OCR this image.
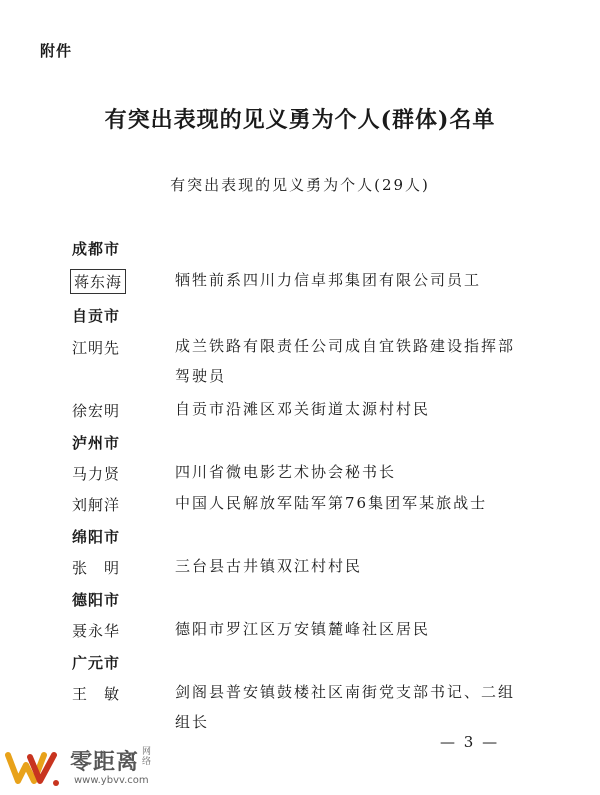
附件
有突出表现的见义勇为个人(群体)名单
有突出表现的见义勇为个人(29人)
成都市
蒋东海	牺牲前系四川力信卓邦集团有限公司员工
自贡市
江明先	成兰铁路有限责任公司成自宜铁路建设指挥部驾驶员
徐宏明	自贡市沿滩区邓关街道太源村村民
泸州市
马力贤	四川省微电影艺术协会秘书长
刘舸洋	中国人民解放军陆军第76集团军某旅战士
绵阳市
张　明	三台县古井镇双江村村民
德阳市
聂永华	德阳市罗江区万安镇麓峰社区居民
广元市
王　敏	剑阁县普安镇鼓楼社区南街党支部书记、二组组长
— 3 —
零距离 网络
www.ybvv.com
